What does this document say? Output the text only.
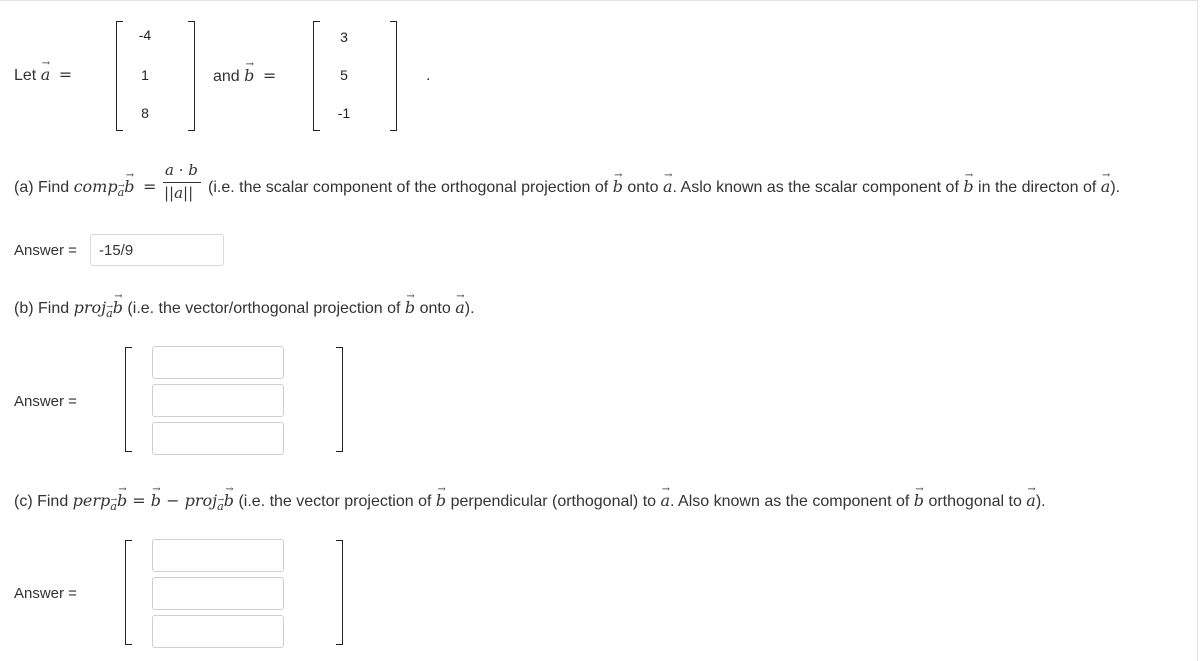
Let → a =
-4
1
8
and → b =
3
5
-1
.
(a) Find comp→ $_a$→ b =
a · b
||a|| (i.e. the scalar component of the orthogonal projection of → b onto → a. Aslo known as the scalar component of → b in the directon of → a).
Answer =
-15/9
(b) Find proj→ $_a$→ b (i.e. the vector/orthogonal projection of → b onto → a).
Answer =
(c) Find perp→ $_a$→ b = → b − proj→ $_a$→ b (i.e. the vector projection of → b perpendicular (orthogonal) to → a. Also known as the component of → b orthogonal to → a).
Answer =
